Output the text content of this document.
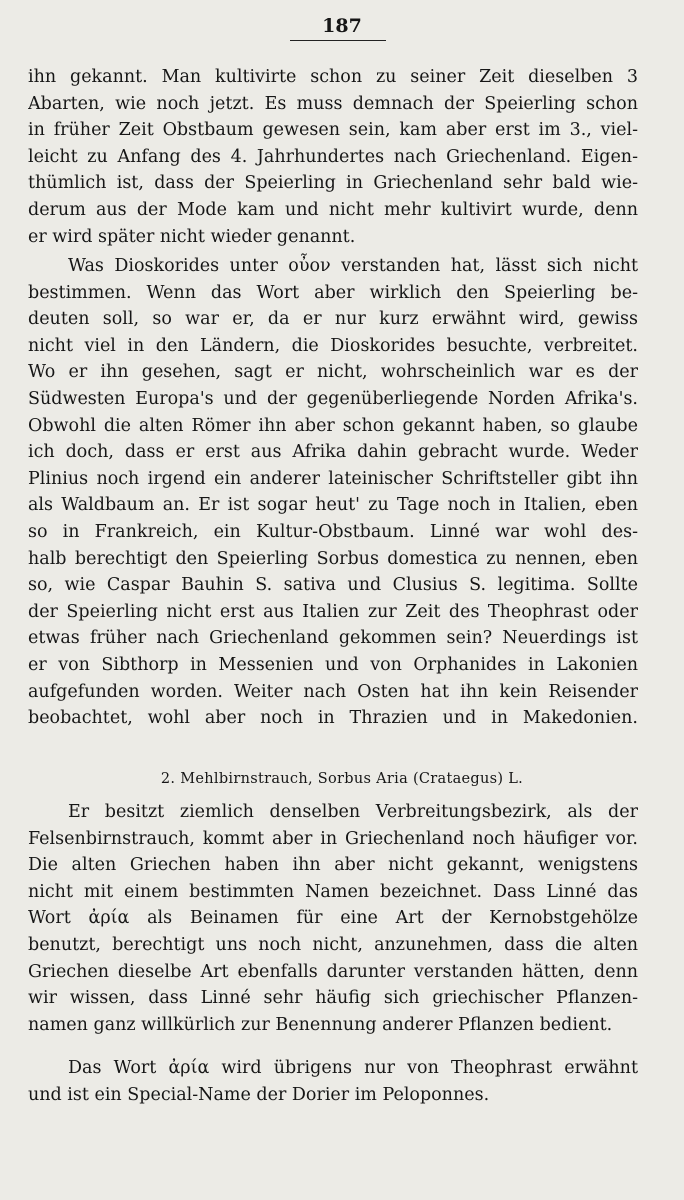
187
ihn gekannt. Man kultivirte schon zu seiner Zeit dieselben 3
Abarten, wie noch jetzt. Es muss demnach der Speierling schon
in früher Zeit Obstbaum gewesen sein, kam aber erst im 3., viel-
leicht zu Anfang des 4. Jahrhundertes nach Griechenland. Eigen-
thümlich ist, dass der Speierling in Griechenland sehr bald wie-
derum aus der Mode kam und nicht mehr kultivirt wurde, denn
er wird später nicht wieder genannt.
Was Dioskorides unter οὖον verstanden hat, lässt sich nicht
bestimmen. Wenn das Wort aber wirklich den Speierling be-
deuten soll, so war er, da er nur kurz erwähnt wird, gewiss
nicht viel in den Ländern, die Dioskorides besuchte, verbreitet.
Wo er ihn gesehen, sagt er nicht, wohrscheinlich war es der
Südwesten Europa's und der gegenüberliegende Norden Afrika's.
Obwohl die alten Römer ihn aber schon gekannt haben, so glaube
ich doch, dass er erst aus Afrika dahin gebracht wurde. Weder
Plinius noch irgend ein anderer lateinischer Schriftsteller gibt ihn
als Waldbaum an. Er ist sogar heut' zu Tage noch in Italien, eben
so in Frankreich, ein Kultur-Obstbaum. Linné war wohl des-
halb berechtigt den Speierling Sorbus domestica zu nennen, eben
so, wie Caspar Bauhin S. sativa und Clusius S. legitima. Sollte
der Speierling nicht erst aus Italien zur Zeit des Theophrast oder
etwas früher nach Griechenland gekommen sein? Neuerdings ist
er von Sibthorp in Messenien und von Orphanides in Lakonien
aufgefunden worden. Weiter nach Osten hat ihn kein Reisender
beobachtet, wohl aber noch in Thrazien und in Makedonien.
2. Mehlbirnstrauch, Sorbus Aria (Crataegus) L.
Er besitzt ziemlich denselben Verbreitungsbezirk, als der
Felsenbirnstrauch, kommt aber in Griechenland noch häufiger vor.
Die alten Griechen haben ihn aber nicht gekannt, wenigstens
nicht mit einem bestimmten Namen bezeichnet. Dass Linné das
Wort ἀρία als Beinamen für eine Art der Kernobstgehölze
benutzt, berechtigt uns noch nicht, anzunehmen, dass die alten
Griechen dieselbe Art ebenfalls darunter verstanden hätten, denn
wir wissen, dass Linné sehr häufig sich griechischer Pflanzen-
namen ganz willkürlich zur Benennung anderer Pflanzen bedient.
Das Wort ἀρία wird übrigens nur von Theophrast erwähnt
und ist ein Special-Name der Dorier im Peloponnes.
